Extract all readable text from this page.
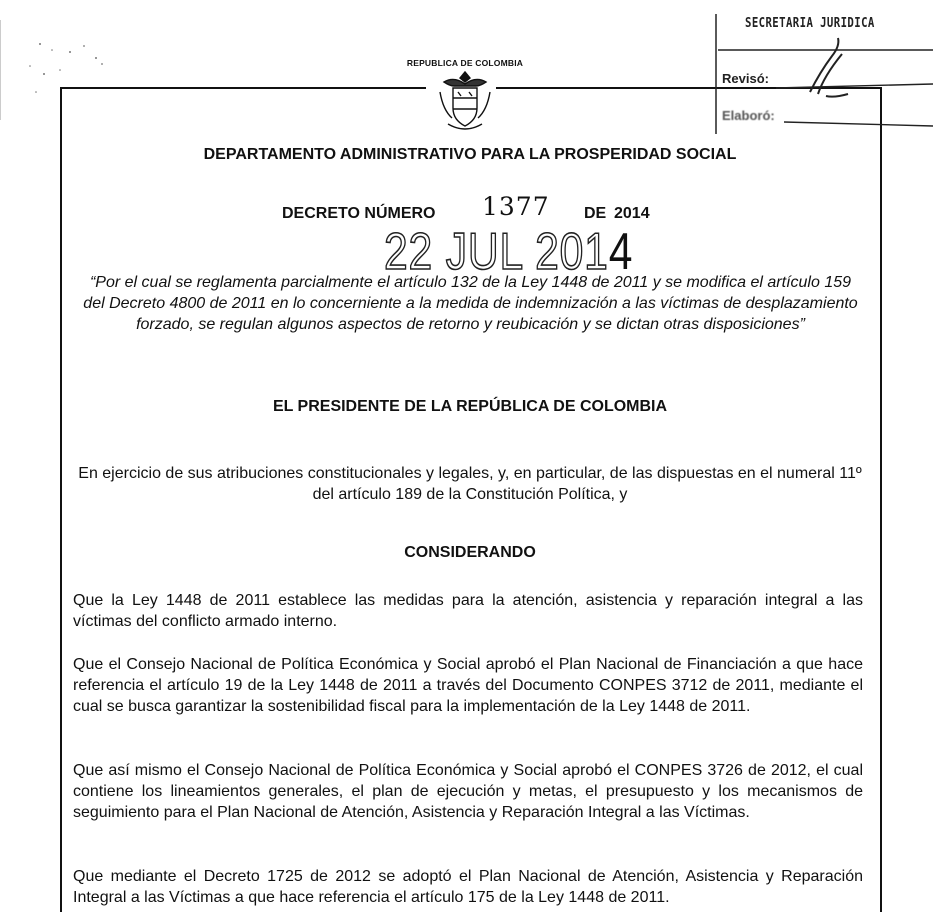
REPUBLICA DE COLOMBIA
DEPARTAMENTO ADMINISTRATIVO PARA LA PROSPERIDAD SOCIAL
DECRETO NÚMERO 1377 DE 2014
22 JUL 2014
“Por el cual se reglamenta parcialmente el artículo 132 de la Ley 1448 de 2011 y se modifica el artículo 159 del Decreto 4800 de 2011 en lo concerniente a la medida de indemnización a las víctimas de desplazamiento forzado, se regulan algunos aspectos de retorno y reubicación y se dictan otras disposiciones”
EL PRESIDENTE DE LA REPÚBLICA DE COLOMBIA
En ejercicio de sus atribuciones constitucionales y legales, y, en particular, de las dispuestas en el numeral 11º del artículo 189 de la Constitución Política, y
CONSIDERANDO
Que la Ley 1448 de 2011 establece las medidas para la atención, asistencia y reparación integral a las víctimas del conflicto armado interno.
Que el Consejo Nacional de Política Económica y Social aprobó el Plan Nacional de Financiación a que hace referencia el artículo 19 de la Ley 1448 de 2011 a través del Documento CONPES 3712 de 2011, mediante el cual se busca garantizar la sostenibilidad fiscal para la implementación de la Ley 1448 de 2011.
Que así mismo el Consejo Nacional de Política Económica y Social aprobó el CONPES 3726 de 2012, el cual contiene los lineamientos generales, el plan de ejecución y metas, el presupuesto y los mecanismos de seguimiento para el Plan Nacional de Atención, Asistencia y Reparación Integral a las Víctimas.
Que mediante el Decreto 1725 de 2012 se adoptó el Plan Nacional de Atención, Asistencia y Reparación Integral a las Víctimas a que hace referencia el artículo 175 de la Ley 1448 de 2011.
SECRETARIA JURIDICA
Revisó:
Elaboró:
